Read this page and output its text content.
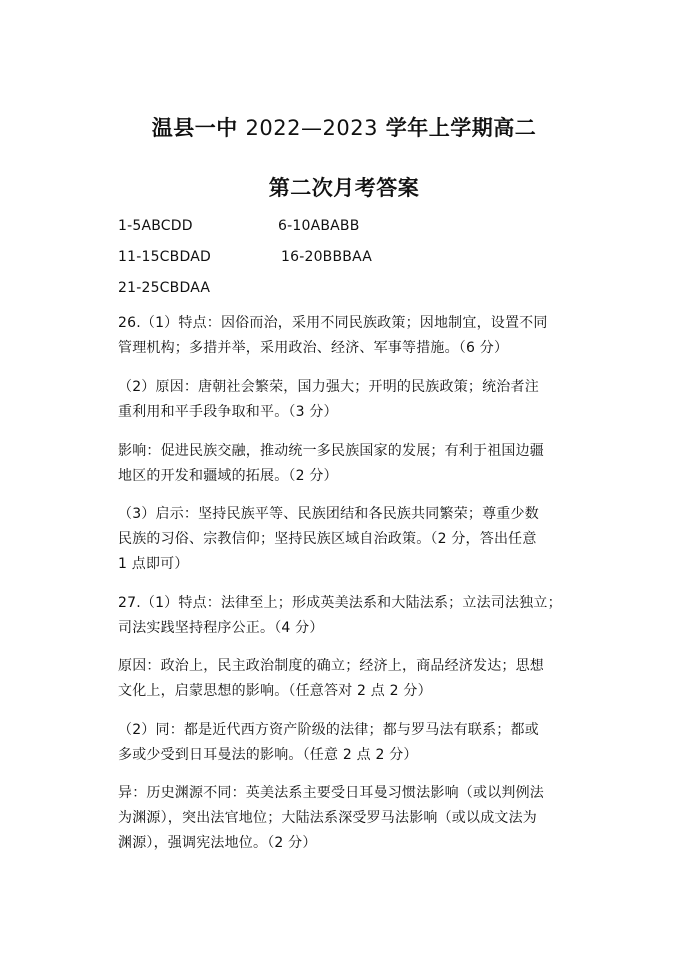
温县一中 2022—2023 学年上学期高二
第二次月考答案
1-5ABCDD	6-10ABABB
11-15CBDAD	16-20BBBAA
21-25CBDAA
26.（1）特点：因俗而治，采用不同民族政策；因地制宜，设置不同
管理机构；多措并举，采用政治、经济、军事等措施。（6 分）
（2）原因：唐朝社会繁荣，国力强大；开明的民族政策；统治者注
重利用和平手段争取和平。（3 分）
影响：促进民族交融，推动统一多民族国家的发展；有利于祖国边疆
地区的开发和疆域的拓展。（2 分）
（3）启示：坚持民族平等、民族团结和各民族共同繁荣；尊重少数
民族的习俗、宗教信仰；坚持民族区域自治政策。（2 分，答出任意
1 点即可）
27.（1）特点：法律至上；形成英美法系和大陆法系；立法司法独立；
司法实践坚持程序公正。（4 分）
原因：政治上，民主政治制度的确立；经济上，商品经济发达；思想
文化上，启蒙思想的影响。（任意答对 2 点 2 分）
（2）同：都是近代西方资产阶级的法律；都与罗马法有联系；都或
多或少受到日耳曼法的影响。（任意 2 点 2 分）
异：历史渊源不同：英美法系主要受日耳曼习惯法影响（或以判例法
为渊源），突出法官地位；大陆法系深受罗马法影响（或以成文法为
渊源），强调宪法地位。（2 分）
